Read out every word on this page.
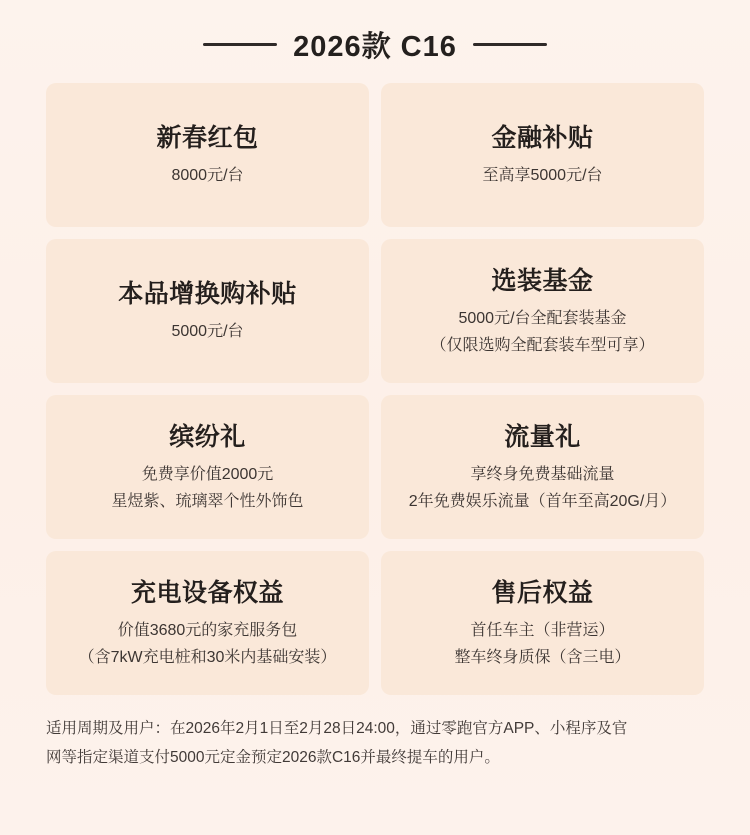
2026款 C16
新春红包
8000元/台
金融补贴
至高享5000元/台
本品增换购补贴
5000元/台
选装基金
5000元/台全配套装基金
（仅限选购全配套装车型可享）
缤纷礼
免费享价值2000元
星煜紫、琉璃翠个性外饰色
流量礼
享终身免费基础流量
2年免费娱乐流量（首年至高20G/月）
充电设备权益
价值3680元的家充服务包
（含7kW充电桩和30米内基础安装）
售后权益
首任车主（非营运）
整车终身质保（含三电）
适用周期及用户：在2026年2月1日至2月28日24:00，通过零跑官方APP、小程序及官
网等指定渠道支付5000元定金预定2026款C16并最终提车的用户。
